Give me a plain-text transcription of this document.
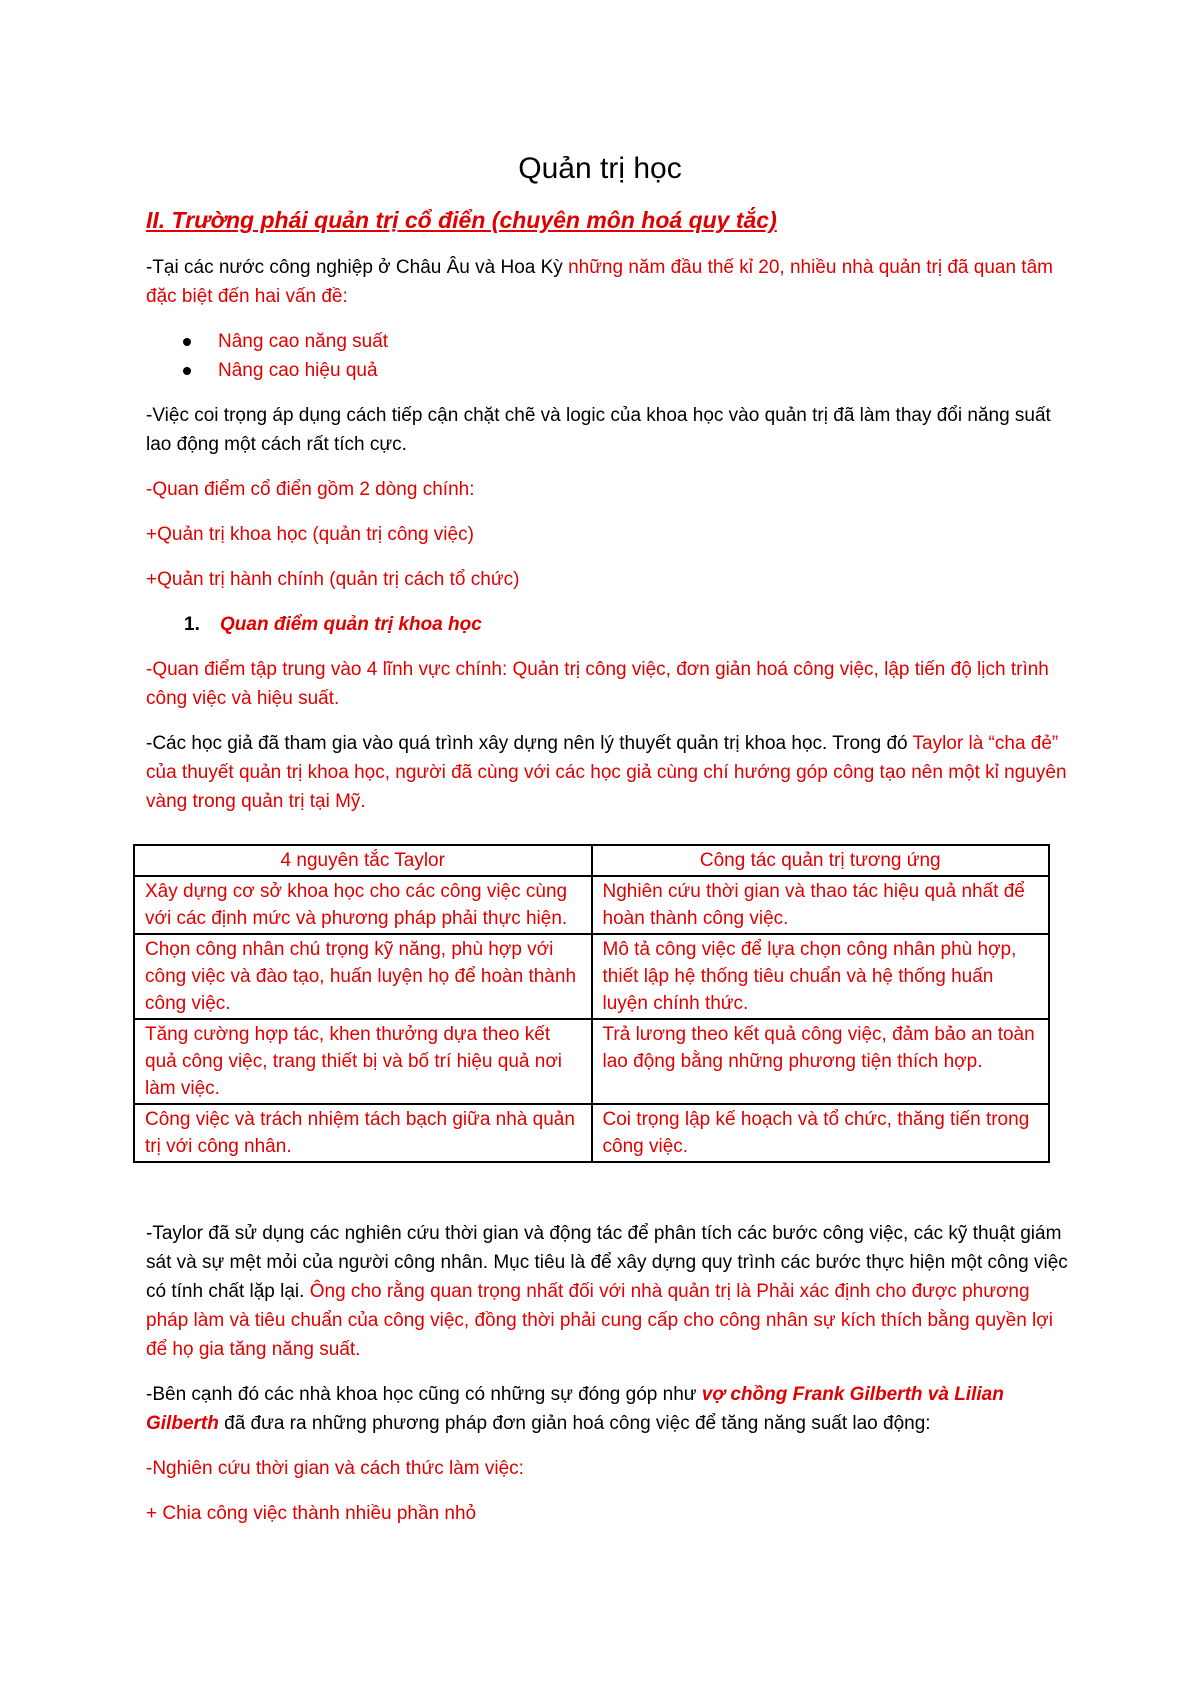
Quản trị học
II. Trường phái quản trị cổ điển (chuyên môn hoá quy tắc)

-Tại các nước công nghiệp ở Châu Âu và Hoa Kỳ những năm đầu thế kỉ 20, nhiều nhà quản trị đã quan tâm đặc biệt đến hai vấn đề:

Nâng cao năng suất
Nâng cao hiệu quả

-Việc coi trọng áp dụng cách tiếp cận chặt chẽ và logic của khoa học vào quản trị đã làm thay đổi năng suất lao động một cách rất tích cực.

-Quan điểm cổ điển gồm 2 dòng chính:

+Quản trị khoa học (quản trị công việc)

+Quản trị hành chính (quản trị cách tổ chức)

1. Quan điểm quản trị khoa học

-Quan điểm tập trung vào 4 lĩnh vực chính: Quản trị công việc, đơn giản hoá công việc, lập tiến độ lịch trình công việc và hiệu suất.

-Các học giả đã tham gia vào quá trình xây dựng nên lý thuyết quản trị khoa học. Trong đó Taylor là “cha đẻ” của thuyết quản trị khoa học, người đã cùng với các học giả cùng chí hướng góp công tạo nên một kỉ nguyên vàng trong quản trị tại Mỹ.

4 nguyên tắc Taylor	Công tác quản trị tương ứng
Xây dựng cơ sở khoa học cho các công việc cùng với các định mức và phương pháp phải thực hiện.	Nghiên cứu thời gian và thao tác hiệu quả nhất để hoàn thành công việc.
Chọn công nhân chú trọng kỹ năng, phù hợp với công việc và đào tạo, huấn luyện họ để hoàn thành công việc.	Mô tả công việc để lựa chọn công nhân phù hợp, thiết lập hệ thống tiêu chuẩn và hệ thống huấn luyện chính thức.
Tăng cường hợp tác, khen thưởng dựa theo kết quả công việc, trang thiết bị và bố trí hiệu quả nơi làm việc.	Trả lương theo kết quả công việc, đảm bảo an toàn lao động bằng những phương tiện thích hợp.
Công việc và trách nhiệm tách bạch giữa nhà quản trị với công nhân.	Coi trọng lập kế hoạch và tổ chức, thăng tiến trong công việc.

-Taylor đã sử dụng các nghiên cứu thời gian và động tác để phân tích các bước công việc, các kỹ thuật giám sát và sự mệt mỏi của người công nhân. Mục tiêu là để xây dựng quy trình các bước thực hiện một công việc có tính chất lặp lại. Ông cho rằng quan trọng nhất đối với nhà quản trị là Phải xác định cho được phương pháp làm và tiêu chuẩn của công việc, đồng thời phải cung cấp cho công nhân sự kích thích bằng quyền lợi để họ gia tăng năng suất.

-Bên cạnh đó các nhà khoa học cũng có những sự đóng góp như vợ chồng Frank Gilberth và Lilian Gilberth đã đưa ra những phương pháp đơn giản hoá công việc để tăng năng suất lao động:

-Nghiên cứu thời gian và cách thức làm việc:

+ Chia công việc thành nhiều phần nhỏ
